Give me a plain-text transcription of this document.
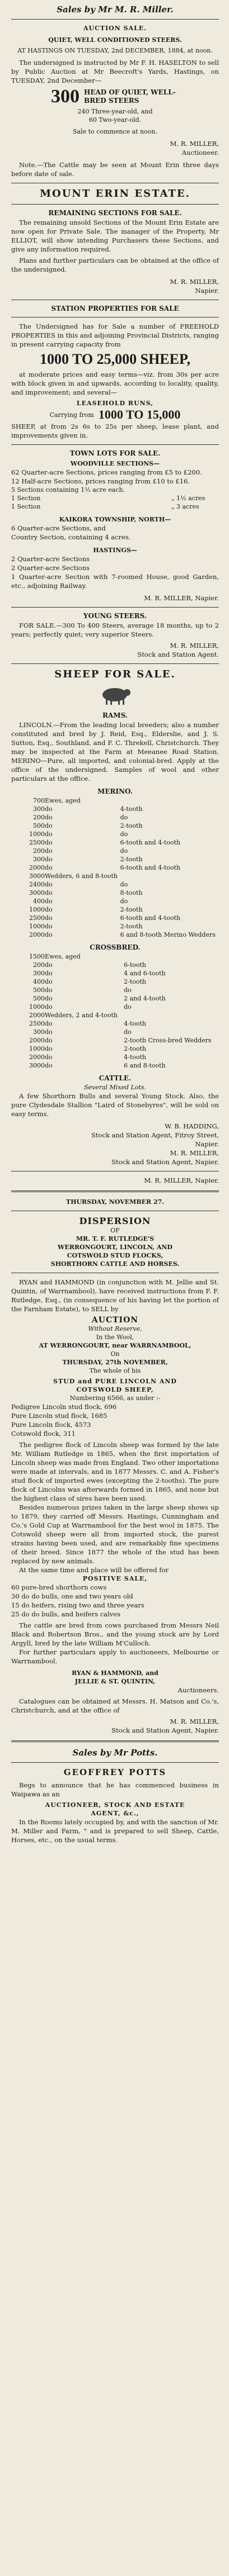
Sales by Mr M. R. Miller.
AUCTION SALE.
QUIET, WELL CONDITIONED STEERS.
AT HASTINGS ON TUESDAY, 2nd DECEMBER, 1884, at noon.
The undersigned is instructed by Mr F. H. HASELTON to sell by Public Auction at Mr Beecroft's Yards, Hastings, on TUESDAY, 2nd December—
300 HEAD OF QUIET, WELL-BRED STEERS
240 Three-year-old, and
60 Two-year-old.
Sale to commence at noon.
M. R. MILLER,
Auctioneer.
Note.—The Cattle may be seen at Mount Erin three days before date of sale.
MOUNT ERIN ESTATE.
REMAINING SECTIONS FOR SALE.
The remaining unsold Sections of the Mount Erin Estate are now open for Private Sale. The manager of the Property, Mr ELLIOT, will show intending Purchasers these Sections, and give any information required.
Plans and further particulars can be obtained at the office of the undersigned.
M. R. MILLER,
Napier.
STATION PROPERTIES FOR SALE
The Undersigned has for Sale a number of FREEHOLD PROPERTIES in this and adjoining Provincial Districts, ranging in present carrying capacity from
1000 TO 25,000 SHEEP,
at moderate prices and easy terms—viz. from 30s per acre with block given in and upwards, according to locality, quality, and improvement; and several—
LEASEHOLD RUNS,
Carrying from 1000 TO 15,000
SHEEP, at from 2s 6s to 25s per sheep, lease plant, and improvements given in.
TOWN LOTS FOR SALE.
WOODVILLE SECTIONS—
62 Quarter-acre Sections, prices ranging from £5 to £200.
12 Half-acre Sections, prices ranging from £10 to £16.
5 Sections containing 1½ acre each.	
1 Section	„ 1½ acres
1 Section	„ 3 acres
KAIKORA TOWNSHIP, NORTH—
6 Quarter-acre Sections, and
Country Section, containing 4 acres.
HASTINGS—
2 Quarter-acre Sections
2 Quarter-acre Sections
1 Quarter-acre Section with 7-roomed House, good Garden, etc., adjoining Railway.
M. R. MILLER, Napier.
YOUNG STEERS.
FOR SALE.—300 To 400 Steers, average 18 months, up to 2 years; perfectly quiet; very superior Steers.
M. R. MILLER,
Stock and Station Agent.
SHEEP FOR SALE.
RAMS.
LINCOLN.—From the leading local breeders; also a number constituted and bred by J. Reid, Esq., Elderslie, and J. S. Sutton, Esq., Southland, and F. C. Threkell, Christchurch. They may be inspected at the Farm at Meeanee Road Station. MERINO—Pure, all imported, and colonial-bred. Apply at the office of the undersigned. Samples of wool and other particulars at the office.
MERINO.
700	Ewes, aged	
300	do	4-tooth
200	do	do
500	do	2-tooth
1000	do	do
2500	do	6-tooth and 4-tooth
200	do	do
300	do	2-tooth
2000	do	6-tooth and 4-tooth
3000	Wedders, 6 and 8-tooth	
2400	do	do
3000	do	8-tooth
400	do	do
1000	do	2-tooth
2500	do	6-tooth and 4-tooth
1000	do	2-tooth
2000	do	6 and 8-tooth Merino Wedders
CROSSBRED.
1500	Ewes, aged	
200	do	6-tooth
300	do	4 and 6-tooth
400	do	2-tooth
500	do	do
500	do	2 and 4-tooth
1000	do	do
2000	Wedders, 2 and 4-tooth	
2500	do	4-tooth
300	do	do
2000	do	2-tooth Cross-bred Wedders
1000	do	2-tooth
2000	do	4-tooth
3000	do	6 and 8-tooth
CATTLE.
Several Mixed Lots.
A few Shorthorn Bulls and several Young Stock. Also, the pure Clydesdale Stallion "Laird of Stonebyres", will be sold on easy terms.
W. B. HADDING,
Stock and Station Agent, Fitroy Street,
Napier.
M. R. MILLER,
Stock and Station Agent, Napier.
M. R. MILLER, Napier.
THURSDAY, NOVEMBER 27.
DISPERSION
OF
MR. T. F. RUTLEDGE'S
WERRONGOURT, LINCOLN, AND
COTSWOLD STUD FLOCKS,
SHORTHORN CATTLE AND HORSES.
RYAN and HAMMOND (in conjunction with M. Jellie and St. Quintin, of Warrnambool), have received instructions from F. F. Rutledge, Esq., (in consequence of his having let the portion of the Farnham Estate), to SELL by
AUCTION
Without Reserve,
In the Wool,
AT WERRONGOURT, near WARRNAMBOOL,
On
THURSDAY, 27th NOVEMBER,
The whole of his
STUD and PURE LINCOLN AND
COTSWOLD SHEEP,
Numbering 6566, as under :-
Pedigree Lincoln stud flock, 696
Pure Lincoln stud flock, 1685
Pure Lincoln flock, 4573
Cotswold flock, 311
The pedigree flock of Lincoln sheep was formed by the late Mr. William Rutledge in 1865, when the first importation of Lincoln sheep was made from England. Two other importations were made at intervals, and in 1877 Messrs. C. and A. Fisher's stud flock of imported ewes (excepting the 2-tooths). The pure flock of Lincolns was afterwards formed in 1865, and none but the highest class of sires have been used.
Besides numerous prizes taken in the large sheep shows up to 1879, they carried off Messrs. Hastings, Cunningham and Co.'s Gold Cup at Warrnambool for the best wool in 1875. The Cotswold sheep were all from imported stock, the purest strains having been used, and are remarkably fine specimens of their breed. Since 1877 the whole of the stud has been replaced by new animals.
At the same time and place will be offered for
POSITIVE SALE,
60 pure-bred shorthorn cows
30 do do bulls, one and two years old
15 do heifers, rising two and three years
25 do do bulls, and heifers calves
The cattle are bred from cows purchased from Messrs Neil Black and Robertson Bros., and the young stock are by Lord Argyll, bred by the late William M'Culloch.
For further particulars apply to auctioneers, Melbourne or Warrnambool.
RYAN & HAMMOND, and
JELLIE & ST. QUINTIN,
Auctioneers.
Catalogues can be obtained at Messrs. H. Matson and Co.'s, Christchurch, and at the office of
M. R. MILLER,
Stock and Station Agent, Napier.
Sales by Mr Potts.
GEOFFREY POTTS
Begs to announce that he has commenced business in Waipawa as an
AUCTIONEER, STOCK AND ESTATE
AGENT, &c.,
In the Rooms lately occupied by, and with the sanction of Mr. M. Miller and Farm, " and is prepared to sell Sheep, Cattle, Horses, etc., on the usual terms.
